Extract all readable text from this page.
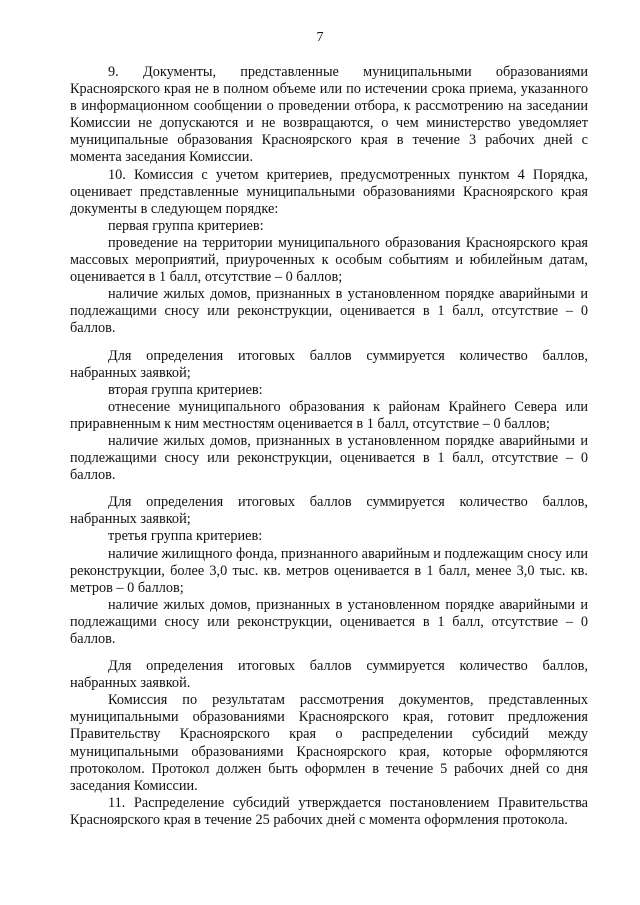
7

9. Документы, представленные муниципальными образованиями Красноярского края не в полном объеме или по истечении срока приема, указанного в информационном сообщении о проведении отбора, к рассмотрению на заседании Комиссии не допускаются и не возвращаются, о чем министерство уведомляет муниципальные образования Красноярского края в течение 3 рабочих дней с момента заседания Комиссии.

10. Комиссия с учетом критериев, предусмотренных пунктом 4 Порядка, оценивает представленные муниципальными образованиями Красноярского края документы в следующем порядке:

первая группа критериев:

проведение на территории муниципального образования Красноярского края массовых мероприятий, приуроченных к особым событиям и юбилейным датам, оценивается в 1 балл, отсутствие – 0 баллов;

наличие жилых домов, признанных в установленном порядке аварийными и подлежащими сносу или реконструкции, оценивается в 1 балл, отсутствие – 0 баллов.

Для определения итоговых баллов суммируется количество баллов, набранных заявкой;

вторая группа критериев:

отнесение муниципального образования к районам Крайнего Севера или приравненным к ним местностям оценивается в 1 балл, отсутствие – 0 баллов;

наличие жилых домов, признанных в установленном порядке аварийными и подлежащими сносу или реконструкции, оценивается в 1 балл, отсутствие – 0 баллов.

Для определения итоговых баллов суммируется количество баллов, набранных заявкой;

третья группа критериев:

наличие жилищного фонда, признанного аварийным и подлежащим сносу или реконструкции, более 3,0 тыс. кв. метров оценивается в 1 балл, менее 3,0 тыс. кв. метров – 0 баллов;

наличие жилых домов, признанных в установленном порядке аварийными и подлежащими сносу или реконструкции, оценивается в 1 балл, отсутствие – 0 баллов.

Для определения итоговых баллов суммируется количество баллов, набранных заявкой.

Комиссия по результатам рассмотрения документов, представленных муниципальными образованиями Красноярского края, готовит предложения Правительству Красноярского края о распределении субсидий между муниципальными образованиями Красноярского края, которые оформляются протоколом. Протокол должен быть оформлен в течение 5 рабочих дней со дня заседания Комиссии.

11. Распределение субсидий утверждается постановлением Правительства Красноярского края в течение 25 рабочих дней с момента оформления протокола.
